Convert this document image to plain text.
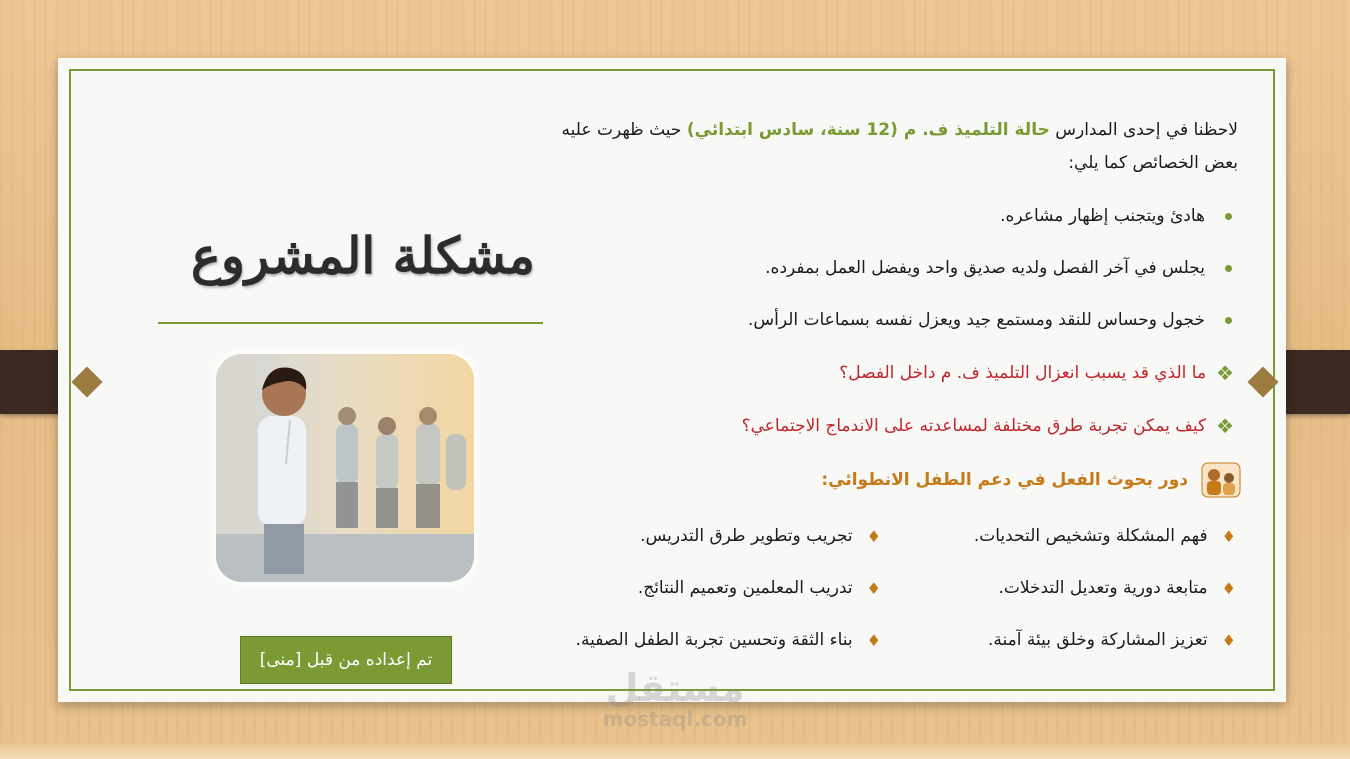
مشكلة المشروع
تم إعداده من قبل [منى]

لاحظنا في إحدى المدارس حالة التلميذ ف. م (12 سنة، سادس ابتدائي) حيث ظهرت عليه بعض الخصائص كما يلي:

هادئ ويتجنب إظهار مشاعره.
يجلس في آخر الفصل ولديه صديق واحد ويفضل العمل بمفرده.
خجول وحساس للنقد ومستمع جيد ويعزل نفسه بسماعات الرأس.
❖
ما الذي قد يسبب انعزال التلميذ ف. م داخل الفصل؟
❖
كيف يمكن تجربة طرق مختلفة لمساعدته على الاندماج الاجتماعي؟
دور بحوث الفعل في دعم الطفل الانطوائي:
♦
فهم المشكلة وتشخيص التحديات.
♦
تجريب وتطوير طرق التدريس.
♦
متابعة دورية وتعديل التدخلات.
♦
تدريب المعلمين وتعميم النتائج.
♦
تعزيز المشاركة وخلق بيئة آمنة.
♦
بناء الثقة وتحسين تجربة الطفل الصفية.
مستقل
mostaql.com
